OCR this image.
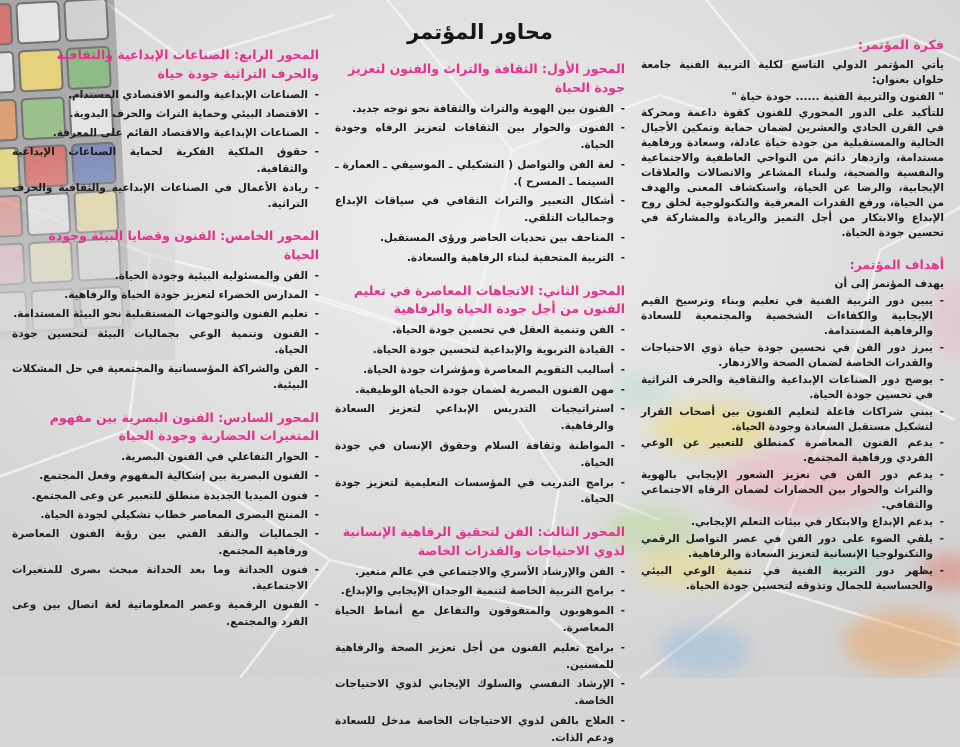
فكرة المؤتمر:

يأتي المؤتمر الدولي التاسع لكلية التربية الفنية جامعة حلوان بعنوان:

" الفنون والتربية الفنية ...... جودة حياة "

للتأكيد على الدور المحوري للفنون كقوة داعمة ومحركة في القرن الحادي والعشرين لضمان حماية وتمكين الأجيال الحالية والمستقبلية من جودة حياة عادلة، وسعادة ورفاهية مستدامة، وازدهار دائم من النواحي العاطفية والاجتماعية والنفسية والصحية، ولبناء المشاعر والاتصالات والعلاقات الإيجابية، والرضا عن الحياة، واستكشاف المعنى والهدف من الحياة، ورفع القدرات المعرفية والتكنولوجية لخلق روح الإبداع والابتكار من أجل التميز والريادة والمشاركة في تحسين جودة الحياة.

أهداف المؤتمر:

يهدف المؤتمر إلى أن

- يبين دور التربية الفنية في تعليم وبناء وترسيخ القيم الإيجابية والكفاءات الشخصية والمجتمعية للسعادة والرفاهية المستدامة.
- يبرز دور الفن في تحسين جودة حياة ذوي الاحتياجات والقدرات الخاصة لضمان الصحة والازدهار.
- يوضح دور الصناعات الإبداعية والثقافية والحرف التراثية في تحسين جودة الحياة.
- يبني شراكات فاعلة لتعليم الفنون بين أصحاب القرار لتشكيل مستقبل السعادة وجودة الحياة.
- يدعم الفنون المعاصرة كمنطلق للتعبير عن الوعي الفردي ورفاهية المجتمع.
- يدعم دور الفن في تعزيز الشعور الإيجابي بالهوية والتراث والحوار بين الحضارات لضمان الرفاه الاجتماعي والثقافي.
- يدعم الإبداع والابتكار في بيئات التعلم الإيجابي.
- يلقي الضوء على دور الفن في عصر التواصل الرقمي والتكنولوجيا الإنسانية لتعزيز السعادة والرفاهية.
- يظهر دور التربية الفنية في تنمية الوعي البيئي والحساسية للجمال وتذوقه لتحسين جودة الحياة.
محاور المؤتمر
المحور الأول: الثقافة والتراث والفنون لتعزيز جودة الحياة
- الفنون بين الهوية والتراث والثقافة نحو توجه جديد.
- الفنون والحوار بين الثقافات لتعزيز الرفاه وجودة الحياة.
- لغة الفن والتواصل ( التشكيلي ـ الموسيقي ـ العمارة ـ السينما ـ المسرح ).
- أشكال التعبير والتراث الثقافي في سياقات الإبداع وجماليات التلقي.
- المتاحف بين تحديات الحاضر ورؤى المستقبل.
- التربية المتحفية لبناء الرفاهية والسعادة.
المحور الثاني: الاتجاهات المعاصرة في تعليم الفنون من أجل جودة الحياة والرفاهية
- الفن وتنمية العقل في تحسين جودة الحياة.
- القيادة التربوية والإبداعية لتحسين جودة الحياة.
- أساليب التقويم المعاصرة ومؤشرات جودة الحياة.
- مهن الفنون البصرية لضمان جودة الحياة الوظيفية.
- استراتيجيات التدريس الإبداعي لتعزيز السعادة والرفاهية.
- المواطنة وثقافة السلام وحقوق الإنسان في جودة الحياة.
- برامج التدريب في المؤسسات التعليمية لتعزيز جودة الحياة.
المحور الثالث: الفن لتحقيق الرفاهية الإنسانية لذوي الاحتياجات والقدرات الخاصة
- الفن والإرشاد الأسري والاجتماعي في عالم متغير.
- برامج التربية الخاصة لتنمية الوجدان الإيجابي والإبداع.
- الموهوبون والمتفوقون والتفاعل مع أنماط الحياة المعاصرة.
- برامج تعليم الفنون من أجل تعزيز الصحة والرفاهية للمسنين.
- الإرشاد النفسي والسلوك الإيجابي لذوي الاحتياجات الخاصة.
- العلاج بالفن لذوي الاحتياجات الخاصة مدخل للسعادة ودعم الذات.
المحور الرابع: الصناعات الإبداعية والثقافية والحرف التراثية جودة حياة
- الصناعات الإبداعية والنمو الاقتصادي المستدام.
- الاقتصاد البيئي وحماية التراث والحرف اليدوية.
- الصناعات الإبداعية والاقتصاد القائم على المعرفة.
- حقوق الملكية الفكرية لحماية الصناعات الإبداعية والثقافية.
- ريادة الأعمال في الصناعات الإبداعية والثقافية والحرف التراثية.
المحور الخامس: الفنون وقضايا البيئة وجودة الحياة
- الفن والمسئولية البيئية وجودة الحياة.
- المدارس الخضراء لتعزيز جودة الحياة والرفاهية.
- تعليم الفنون والتوجهات المستقبلية نحو البيئة المستدامة.
- الفنون وتنمية الوعي بجماليات البيئة لتحسين جودة الحياة.
- الفن والشراكة المؤسساتية والمجتمعية في حل المشكلات البيئية.
المحور السادس: الفنون البصرية بين مفهوم المتغيرات الحضارية وجودة الحياة
- الحوار التفاعلي في الفنون البصرية.
- الفنون البصرية بين إشكالية المفهوم وفعل المجتمع.
- فنون الميديا الجديدة منطلق للتعبير عن وعى المجتمع.
- المنتج البصرى المعاصر خطاب تشكيلي لجودة الحياة.
- الجماليات والنقد الفني بين رؤية الفنون المعاصرة ورفاهية المجتمع.
- فنون الحداثة وما بعد الحداثة مبحث بصرى للمتغيرات الاجتماعية.
- الفنون الرقمية وعصر المعلوماتية لغة اتصال بين وعى الفرد والمجتمع.
